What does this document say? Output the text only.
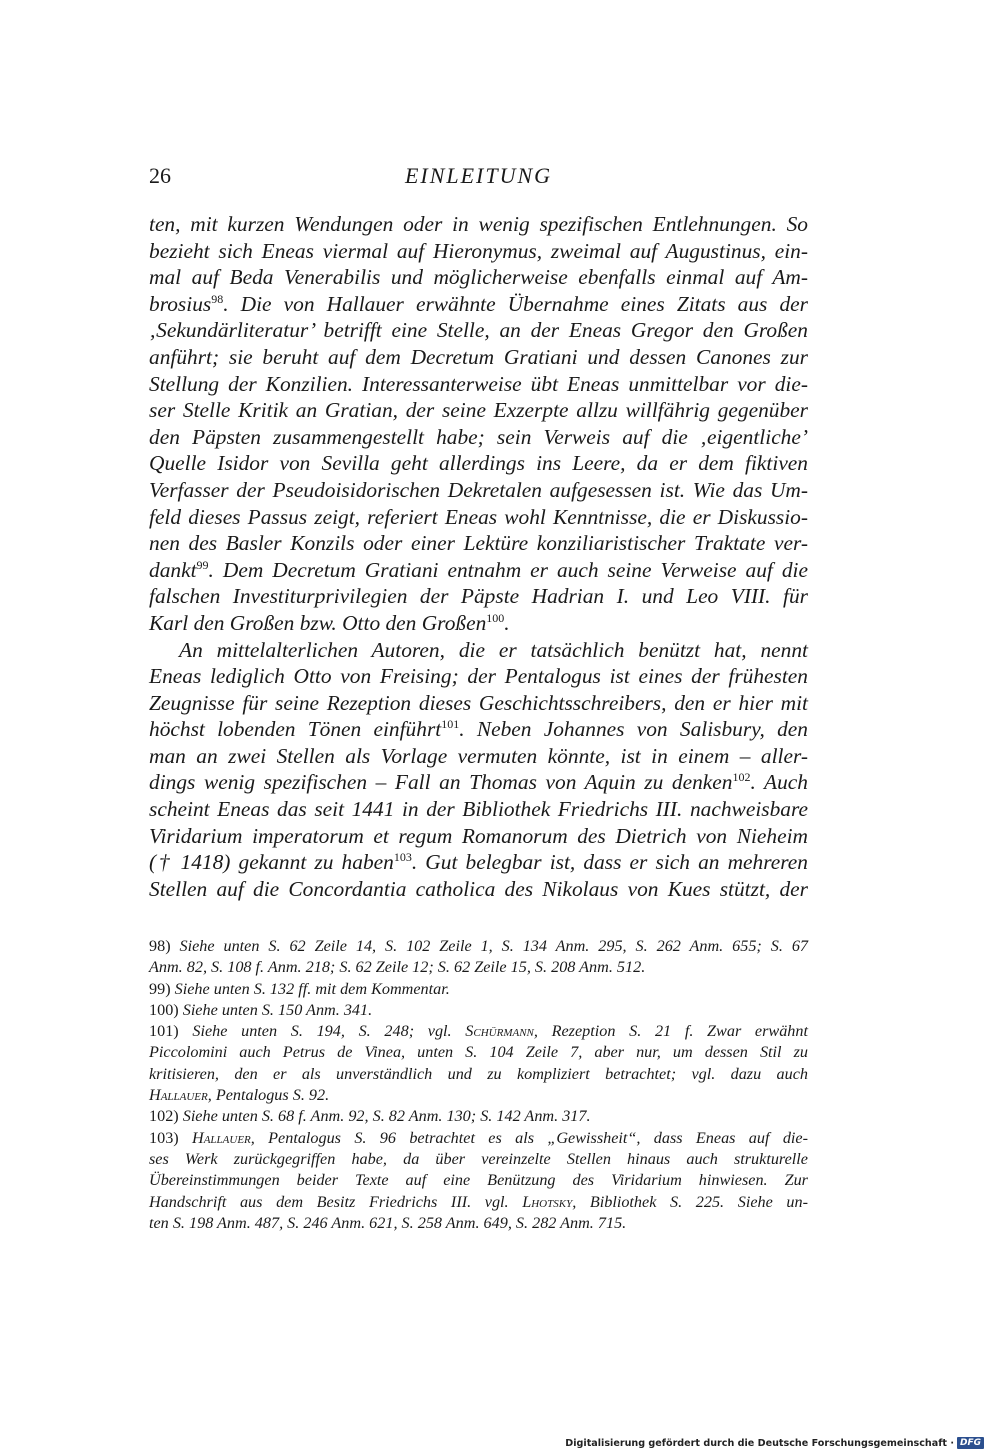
26	EINLEITUNG
ten, mit kurzen Wendungen oder in wenig spezifischen Entlehnungen. So
bezieht sich Eneas viermal auf Hieronymus, zweimal auf Augustinus, ein-
mal auf Beda Venerabilis und möglicherweise ebenfalls einmal auf Am-
brosius$^{98}$. Die von Hallauer erwähnte Übernahme eines Zitats aus der
‚Sekundärliteratur’ betrifft eine Stelle, an der Eneas Gregor den Großen
anführt; sie beruht auf dem Decretum Gratiani und dessen Canones zur
Stellung der Konzilien. Interessanterweise übt Eneas unmittelbar vor die-
ser Stelle Kritik an Gratian, der seine Exzerpte allzu willfährig gegenüber
den Päpsten zusammengestellt habe; sein Verweis auf die ‚eigentliche’
Quelle Isidor von Sevilla geht allerdings ins Leere, da er dem fiktiven
Verfasser der Pseudoisidorischen Dekretalen aufgesessen ist. Wie das Um-
feld dieses Passus zeigt, referiert Eneas wohl Kenntnisse, die er Diskussio-
nen des Basler Konzils oder einer Lektüre konziliaristischer Traktate ver-
dankt$^{99}$. Dem Decretum Gratiani entnahm er auch seine Verweise auf die
falschen Investiturprivilegien der Päpste Hadrian I. und Leo VIII. für
Karl den Großen bzw. Otto den Großen$^{100}$.
An mittelalterlichen Autoren, die er tatsächlich benützt hat, nennt
Eneas lediglich Otto von Freising; der Pentalogus ist eines der frühesten
Zeugnisse für seine Rezeption dieses Geschichtsschreibers, den er hier mit
höchst lobenden Tönen einführt$^{101}$. Neben Johannes von Salisbury, den
man an zwei Stellen als Vorlage vermuten könnte, ist in einem – aller-
dings wenig spezifischen – Fall an Thomas von Aquin zu denken$^{102}$. Auch
scheint Eneas das seit 1441 in der Bibliothek Friedrichs III. nachweisbare
Viridarium imperatorum et regum Romanorum des Dietrich von Nieheim
(† 1418) gekannt zu haben$^{103}$. Gut belegbar ist, dass er sich an mehreren
Stellen auf die Concordantia catholica des Nikolaus von Kues stützt, der
98) Siehe unten S. 62 Zeile 14, S. 102 Zeile 1, S. 134 Anm. 295, S. 262 Anm. 655; S. 67
Anm. 82, S. 108 f. Anm. 218; S. 62 Zeile 12; S. 62 Zeile 15, S. 208 Anm. 512.
99) Siehe unten S. 132 ff. mit dem Kommentar.
100) Siehe unten S. 150 Anm. 341.
101) Siehe unten S. 194, S. 248; vgl. Schürmann, Rezeption S. 21 f. Zwar erwähnt
Piccolomini auch Petrus de Vinea, unten S. 104 Zeile 7, aber nur, um dessen Stil zu
kritisieren, den er als unverständlich und zu kompliziert betrachtet; vgl. dazu auch
Hallauer, Pentalogus S. 92.
102) Siehe unten S. 68 f. Anm. 92, S. 82 Anm. 130; S. 142 Anm. 317.
103) Hallauer, Pentalogus S. 96 betrachtet es als „Gewissheit“, dass Eneas auf die-
ses Werk zurückgegriffen habe, da über vereinzelte Stellen hinaus auch strukturelle
Übereinstimmungen beider Texte auf eine Benützung des Viridarium hinwiesen. Zur
Handschrift aus dem Besitz Friedrichs III. vgl. Lhotsky, Bibliothek S. 225. Siehe un-
ten S. 198 Anm. 487, S. 246 Anm. 621, S. 258 Anm. 649, S. 282 Anm. 715.
Digitalisierung gefördert durch die Deutsche Forschungsgemeinschaft · DFG
